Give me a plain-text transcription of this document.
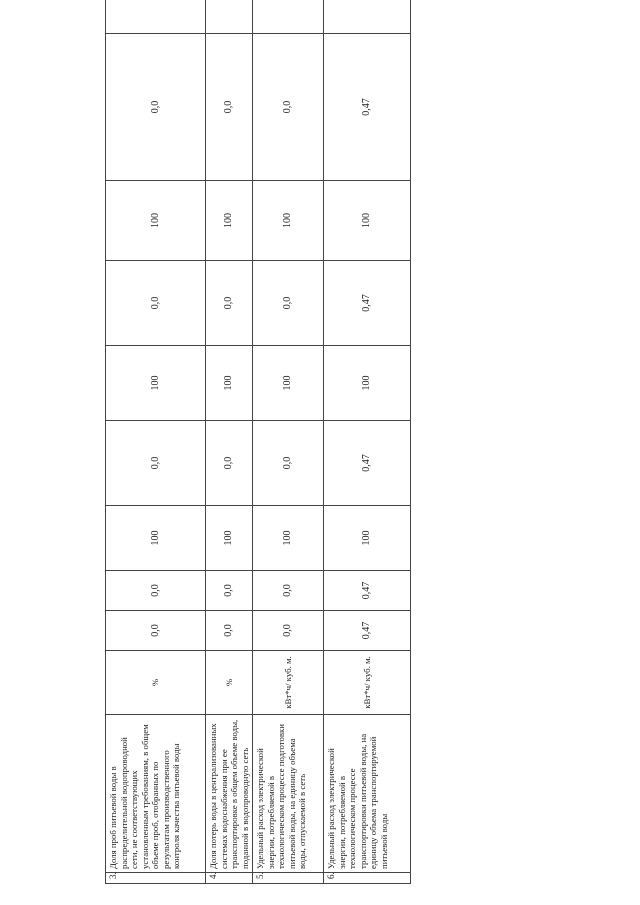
3.	Доля проб питьевой воды в распределительной водопроводной сети, не соответствующих установленным требованиям, в общем объеме проб, отобранных по результатам производственного контроля качества питьевой воды	%	0,0	0,0	100	0,0	100	0,0	100	0,0	
4.	Доля потерь воды в централизованных системах водоснабжения при ее транспортировке в общем объеме воды, поданной в водопроводную сеть	%	0,0	0,0	100	0,0	100	0,0	100	0,0	
5.	Удельный расход электрической энергии, потребляемой в технологическом процессе подготовки питьевой воды, на единицу объема воды, отпускаемой в сеть	кВт*ч/ куб. м.	0,0	0,0	100	0,0	100	0,0	100	0,0	
6.	Удельный расход электрической энергии, потребляемой в технологическом процессе транспортировки питьевой воды, на единицу объема транспортируемой питьевой воды	кВт*ч/ куб. м.	0,47	0,47	100	0,47	100	0,47	100	0,47	
